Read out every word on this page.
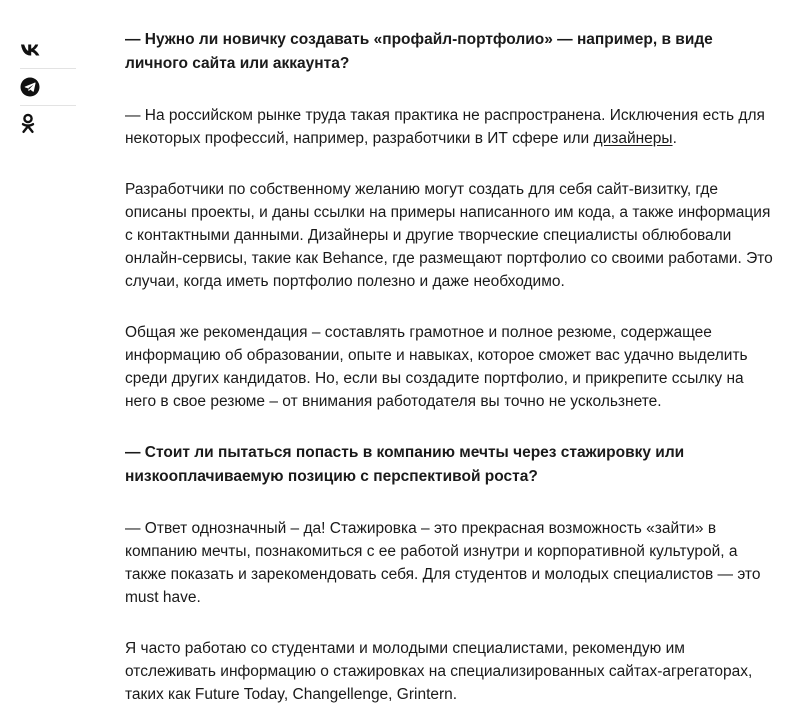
— Нужно ли новичку создавать «профайл-портфолио» — например, в виде личного сайта или аккаунта?

— На российском рынке труда такая практика не распространена. Исключения есть для некоторых профессий, например, разработчики в ИТ сфере или дизайнеры.

Разработчики по собственному желанию могут создать для себя сайт-визитку, где описаны проекты, и даны ссылки на примеры написанного им кода, а также информация с контактными данными. Дизайнеры и другие творческие специалисты облюбовали онлайн-сервисы, такие как Behance, где размещают портфолио со своими работами. Это случаи, когда иметь портфолио полезно и даже необходимо.

Общая же рекомендация – составлять грамотное и полное резюме, содержащее информацию об образовании, опыте и навыках, которое сможет вас удачно выделить среди других кандидатов. Но, если вы создадите портфолио, и прикрепите ссылку на него в свое резюме – от внимания работодателя вы точно не ускользнете.

— Стоит ли пытаться попасть в компанию мечты через стажировку или низкооплачиваемую позицию с перспективой роста?

— Ответ однозначный – да! Стажировка – это прекрасная возможность «зайти» в компанию мечты, познакомиться с ее работой изнутри и корпоративной культурой, а также показать и зарекомендовать себя. Для студентов и молодых специалистов — это must have.

Я часто работаю со студентами и молодыми специалистами, рекомендую им отслеживать информацию о стажировках на специализированных сайтах-агрегаторах, таких как Future Today, Changellenge, Grintern.
